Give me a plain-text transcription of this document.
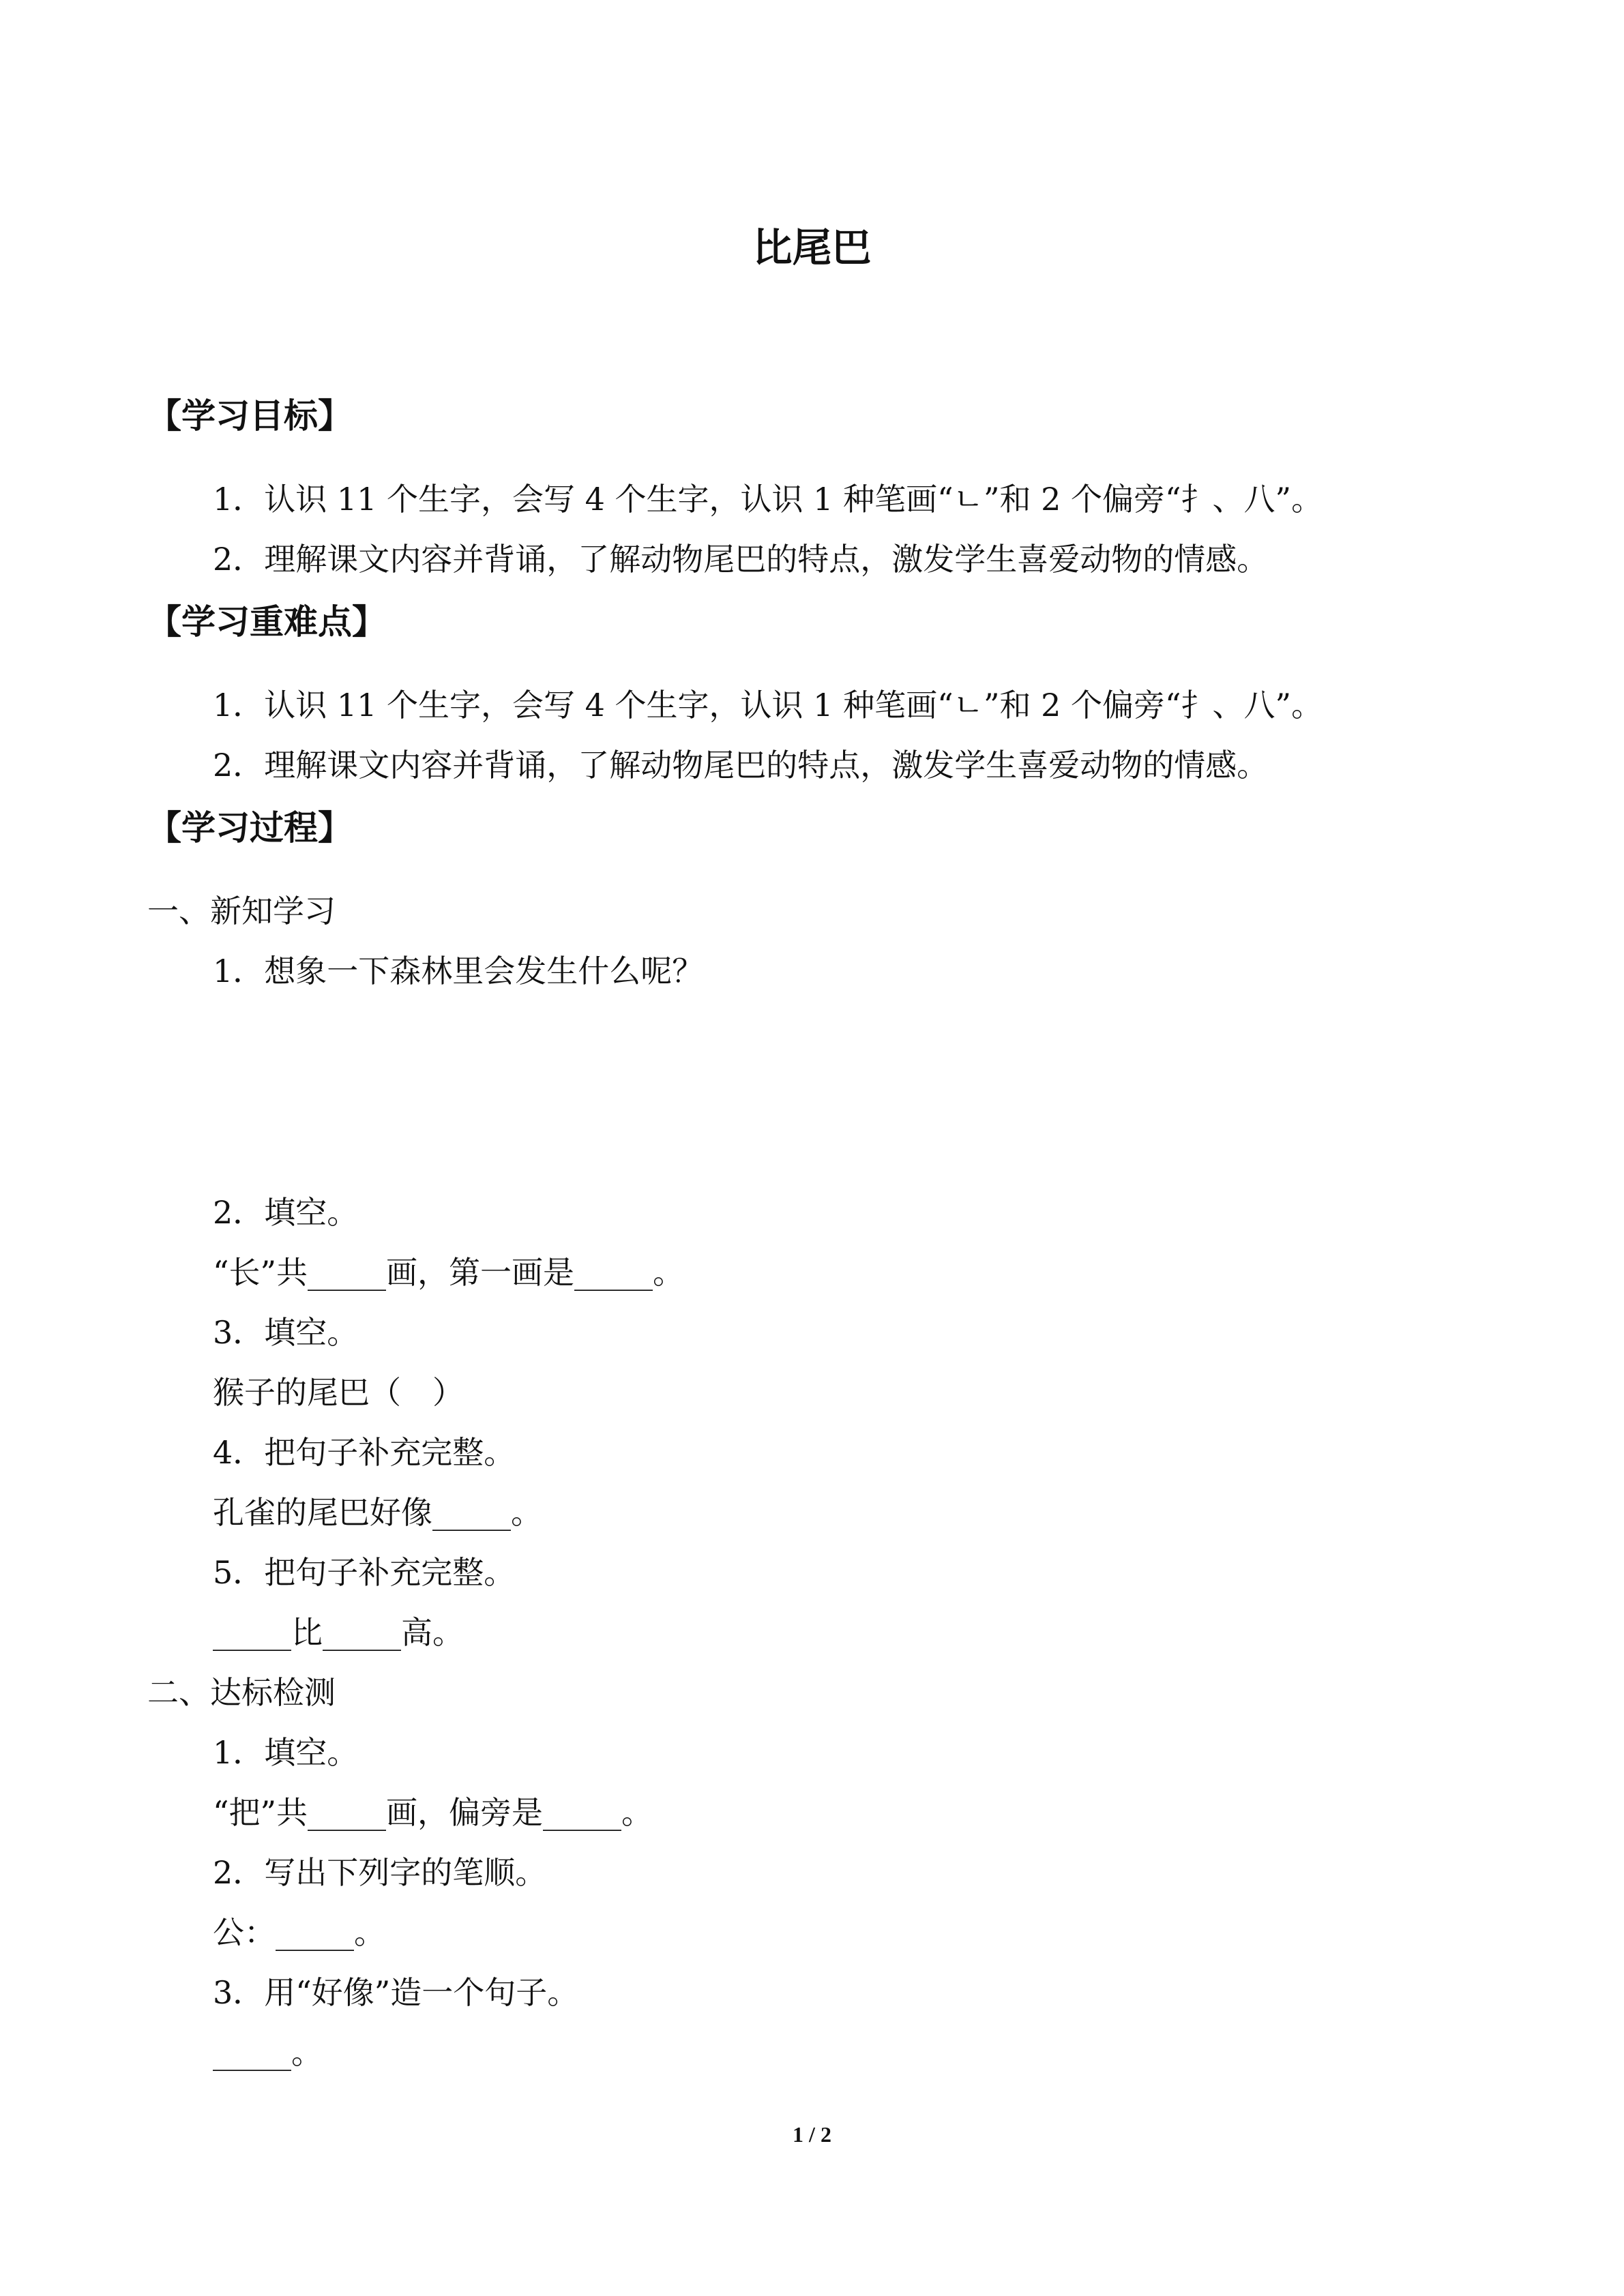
比尾巴
【学习目标】
1．认识 11 个生字，会写 4 个生字，认识 1 种笔画“ㄴ”和 2 个偏旁“扌、八”。
2．理解课文内容并背诵，了解动物尾巴的特点，激发学生喜爱动物的情感。
【学习重难点】
1．认识 11 个生字，会写 4 个生字，认识 1 种笔画“ㄴ”和 2 个偏旁“扌、八”。
2．理解课文内容并背诵，了解动物尾巴的特点，激发学生喜爱动物的情感。
【学习过程】
一、新知学习
1．想象一下森林里会发生什么呢？
2．填空。
“长”共_____画，第一画是_____。
3．填空。
猴子的尾巴（　）
4．把句子补充完整。
孔雀的尾巴好像_____。
5．把句子补充完整。
_____比_____高。
二、达标检测
1．填空。
“把”共_____画，偏旁是_____。
2．写出下列字的笔顺。
公：_____。
3．用“好像”造一个句子。
_____。
1 / 2
